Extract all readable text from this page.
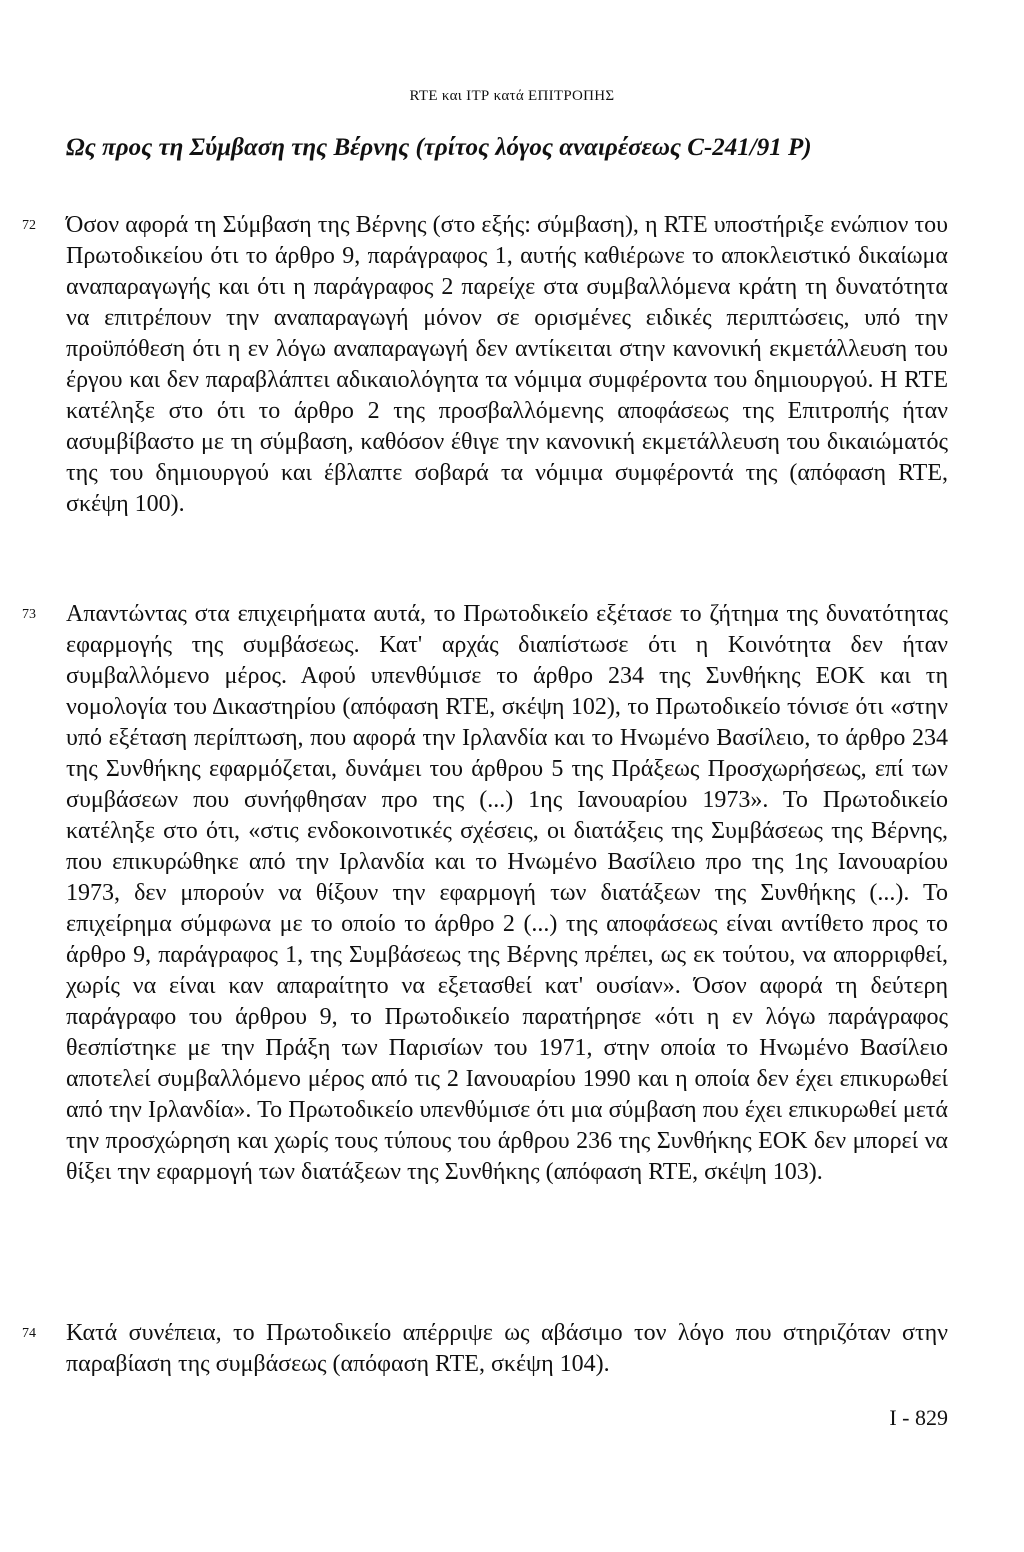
RTE και ΙΤΡ κατά ΕΠΙΤΡΟΠΗΣ
Ως προς τη Σύμβαση της Βέρνης (τρίτος λόγος αναιρέσεως C-241/91 P)
72 Όσον αφορά τη Σύμβαση της Βέρνης (στο εξής: σύμβαση), η RTE υποστήριξε ενώπιον του Πρωτοδικείου ότι το άρθρο 9, παράγραφος 1, αυτής καθιέρωνε το αποκλειστικό δικαίωμα αναπαραγωγής και ότι η παράγραφος 2 παρείχε στα συμβαλλόμενα κράτη τη δυνατότητα να επιτρέπουν την αναπαραγωγή μόνον σε ορισμένες ειδικές περιπτώσεις, υπό την προϋπόθεση ότι η εν λόγω αναπαραγωγή δεν αντίκειται στην κανονική εκμετάλλευση του έργου και δεν παραβλάπτει αδικαιολόγητα τα νόμιμα συμφέροντα του δημιουργού. Η RTE κατέληξε στο ότι το άρθρο 2 της προσβαλλόμενης αποφάσεως της Επιτροπής ήταν ασυμβίβαστο με τη σύμβαση, καθόσον έθιγε την κανονική εκμετάλλευση του δικαιώματός της του δημιουργού και έβλαπτε σοβαρά τα νόμιμα συμφέροντά της (απόφαση RTE, σκέψη 100).

73 Απαντώντας στα επιχειρήματα αυτά, το Πρωτοδικείο εξέτασε το ζήτημα της δυνατότητας εφαρμογής της συμβάσεως. Κατ' αρχάς διαπίστωσε ότι η Κοινότητα δεν ήταν συμβαλλόμενο μέρος. Αφού υπενθύμισε το άρθρο 234 της Συνθήκης ΕΟΚ και τη νομολογία του Δικαστηρίου (απόφαση RTE, σκέψη 102), το Πρωτοδικείο τόνισε ότι «στην υπό εξέταση περίπτωση, που αφορά την Ιρλανδία και το Ηνωμένο Βασίλειο, το άρθρο 234 της Συνθήκης εφαρμόζεται, δυνάμει του άρθρου 5 της Πράξεως Προσχωρήσεως, επί των συμβάσεων που συνήφθησαν προ της (...) 1ης Ιανουαρίου 1973». Το Πρωτοδικείο κατέληξε στο ότι, «στις ενδοκοινοτικές σχέσεις, οι διατάξεις της Συμβάσεως της Βέρνης, που επικυρώθηκε από την Ιρλανδία και το Ηνωμένο Βασίλειο προ της 1ης Ιανουαρίου 1973, δεν μπορούν να θίξουν την εφαρμογή των διατάξεων της Συνθήκης (...). Το επιχείρημα σύμφωνα με το οποίο το άρθρο 2 (...) της αποφάσεως είναι αντίθετο προς το άρθρο 9, παράγραφος 1, της Συμβάσεως της Βέρνης πρέπει, ως εκ τούτου, να απορριφθεί, χωρίς να είναι καν απαραίτητο να εξετασθεί κατ' ουσίαν». Όσον αφορά τη δεύτερη παράγραφο του άρθρου 9, το Πρωτοδικείο παρατήρησε «ότι η εν λόγω παράγραφος θεσπίστηκε με την Πράξη των Παρισίων του 1971, στην οποία το Ηνωμένο Βασίλειο αποτελεί συμβαλλόμενο μέρος από τις 2 Ιανουαρίου 1990 και η οποία δεν έχει επικυρωθεί από την Ιρλανδία». Το Πρωτοδικείο υπενθύμισε ότι μια σύμβαση που έχει επικυρωθεί μετά την προσχώρηση και χωρίς τους τύπους του άρθρου 236 της Συνθήκης ΕΟΚ δεν μπορεί να θίξει την εφαρμογή των διατάξεων της Συνθήκης (απόφαση RTE, σκέψη 103).

74 Κατά συνέπεια, το Πρωτοδικείο απέρριψε ως αβάσιμο τον λόγο που στηριζόταν στην παραβίαση της συμβάσεως (απόφαση RTE, σκέψη 104).

I - 829
